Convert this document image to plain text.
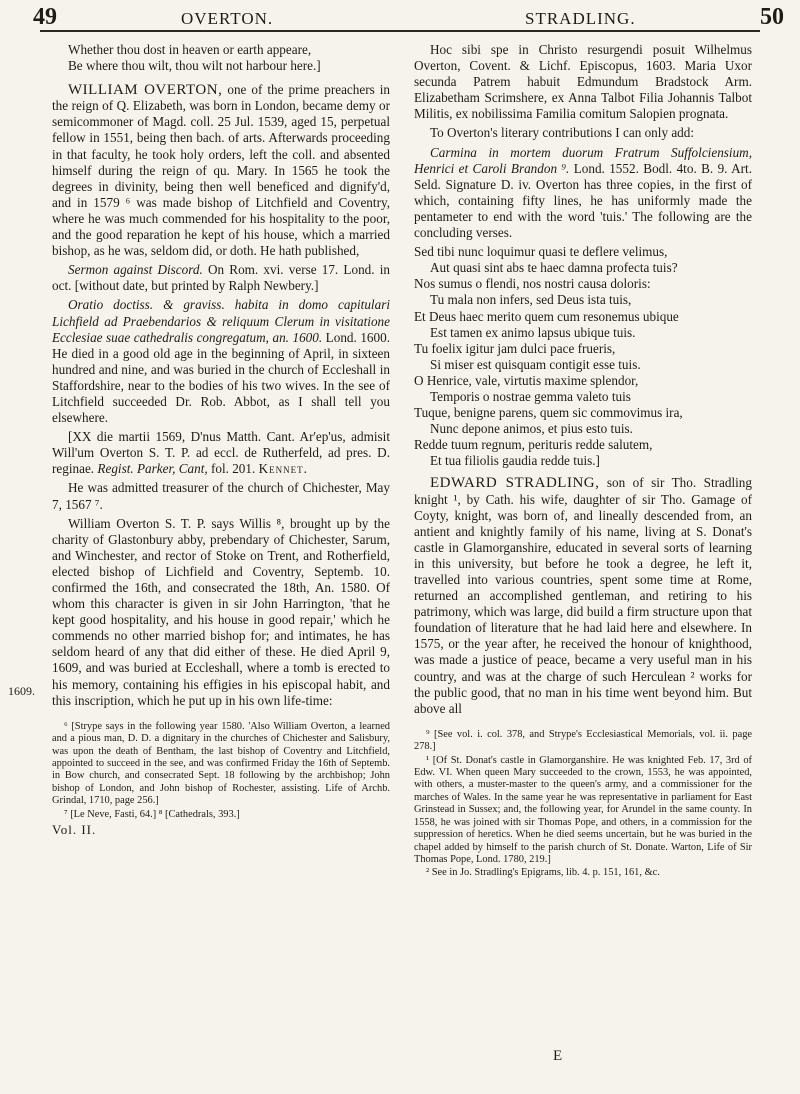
49	OVERTON.	STRADLING.	50
1609.

Whether thou dost in heaven or earth appeare,

Be where thou wilt, thou wilt not harbour here.]

WILLIAM OVERTON, one of the prime preachers in the reign of Q. Elizabeth, was born in London, became demy or semicommoner of Magd. coll. 25 Jul. 1539, aged 15, perpetual fellow in 1551, being then bach. of arts. Afterwards proceeding in that faculty, he took holy orders, left the coll. and absented himself during the reign of qu. Mary. In 1565 he took the degrees in divinity, being then well beneficed and dignify'd, and in 1579 ⁶ was made bishop of Litchfield and Coventry, where he was much commended for his hospitality to the poor, and the good reparation he kept of his house, which a married bishop, as he was, seldom did, or doth. He hath published,

Sermon against Discord. On Rom. xvi. verse 17. Lond. in oct. [without date, but printed by Ralph Newbery.]

Oratio doctiss. & graviss. habita in domo capitulari Lichfield ad Praebendarios & reliquum Clerum in visitatione Ecclesiae suae cathedralis congregatum, an. 1600. Lond. 1600. He died in a good old age in the beginning of April, in sixteen hundred and nine, and was buried in the church of Eccleshall in Staffordshire, near to the bodies of his two wives. In the see of Litchfield succeeded Dr. Rob. Abbot, as I shall tell you elsewhere.

[XX die martii 1569, D'nus Matth. Cant. Ar'ep'us, admisit Will'um Overton S. T. P. ad eccl. de Rutherfeld, ad pres. D. reginae. Regist. Parker, Cant, fol. 201. Kennet.

He was admitted treasurer of the church of Chichester, May 7, 1567 ⁷.

William Overton S. T. P. says Willis ⁸, brought up by the charity of Glastonbury abby, prebendary of Chichester, Sarum, and Winchester, and rector of Stoke on Trent, and Rotherfield, elected bishop of Lichfield and Coventry, Septemb. 10. confirmed the 16th, and consecrated the 18th, An. 1580. Of whom this character is given in sir John Harrington, 'that he kept good hospitality, and his house in good repair,' which he commends no other married bishop for; and intimates, he has seldom heard of any that did either of these. He died April 9, 1609, and was buried at Eccleshall, where a tomb is erected to his memory, containing his effigies in his episcopal habit, and this inscription, which he put up in his own life-time:

⁶ [Strype says in the following year 1580. 'Also William Overton, a learned and a pious man, D. D. a dignitary in the churches of Chichester and Salisbury, was upon the death of Bentham, the last bishop of Coventry and Litchfield, appointed to succeed in the see, and was confirmed Friday the 16th of Septemb. in Bow church, and consecrated Sept. 18 following by the archbishop; John bishop of London, and John bishop of Rochester, assisting. Life of Archb. Grindal, 1710, page 256.]

⁷ [Le Neve, Fasti, 64.] ⁸ [Cathedrals, 393.]

Vol. II.

Hoc sibi spe in Christo resurgendi posuit Wilhelmus Overton, Covent. & Lichf. Episcopus, 1603. Maria Uxor secunda Patrem habuit Edmundum Bradstock Arm. Elizabetham Scrimshere, ex Anna Talbot Filia Johannis Talbot Militis, ex nobilissima Familia comitum Salopien prognata.

To Overton's literary contributions I can only add:

Carmina in mortem duorum Fratrum Suffolciensium, Henrici et Caroli Brandon ⁹. Lond. 1552. Bodl. 4to. B. 9. Art. Seld. Signature D. iv. Overton has three copies, in the first of which, containing fifty lines, he has uniformly made the pentameter to end with the word 'tuis.' The following are the concluding verses.

Sed tibi nunc loquimur quasi te deflere velimus,

Aut quasi sint abs te haec damna profecta tuis?

Nos sumus o flendi, nos nostri causa doloris:

Tu mala non infers, sed Deus ista tuis,

Et Deus haec merito quem cum resonemus ubique

Est tamen ex animo lapsus ubique tuis.

Tu foelix igitur jam dulci pace frueris,

Si miser est quisquam contigit esse tuis.

O Henrice, vale, virtutis maxime splendor,

Temporis o nostrae gemma valeto tuis

Tuque, benigne parens, quem sic commovimus ira,

Nunc depone animos, et pius esto tuis.

Redde tuum regnum, perituris redde salutem,

Et tua filiolis gaudia redde tuis.]

EDWARD STRADLING, son of sir Tho. Stradling knight ¹, by Cath. his wife, daughter of sir Tho. Gamage of Coyty, knight, was born of, and lineally descended from, an antient and knightly family of his name, living at S. Donat's castle in Glamorganshire, educated in several sorts of learning in this university, but before he took a degree, he left it, travelled into various countries, spent some time at Rome, returned an accomplished gentleman, and retiring to his patrimony, which was large, did build a firm structure upon that foundation of literature that he had laid here and elsewhere. In 1575, or the year after, he received the honour of knighthood, was made a justice of peace, became a very useful man in his country, and was at the charge of such Herculean ² works for the public good, that no man in his time went beyond him. But above all

⁹ [See vol. i. col. 378, and Strype's Ecclesiastical Memorials, vol. ii. page 278.]

¹ [Of St. Donat's castle in Glamorganshire. He was knighted Feb. 17, 3rd of Edw. VI. When queen Mary succeeded to the crown, 1553, he was appointed, with others, a muster-master to the queen's army, and a commissioner for the marches of Wales. In the same year he was representative in parliament for East Grinstead in Sussex; and, the following year, for Arundel in the same county. In 1558, he was joined with sir Thomas Pope, and others, in a commission for the suppression of heretics. When he died seems uncertain, but he was buried in the chapel added by himself to the parish church of St. Donate. Warton, Life of Sir Thomas Pope, Lond. 1780, 219.]

² See in Jo. Stradling's Epigrams, lib. 4. p. 151, 161, &c.

E
